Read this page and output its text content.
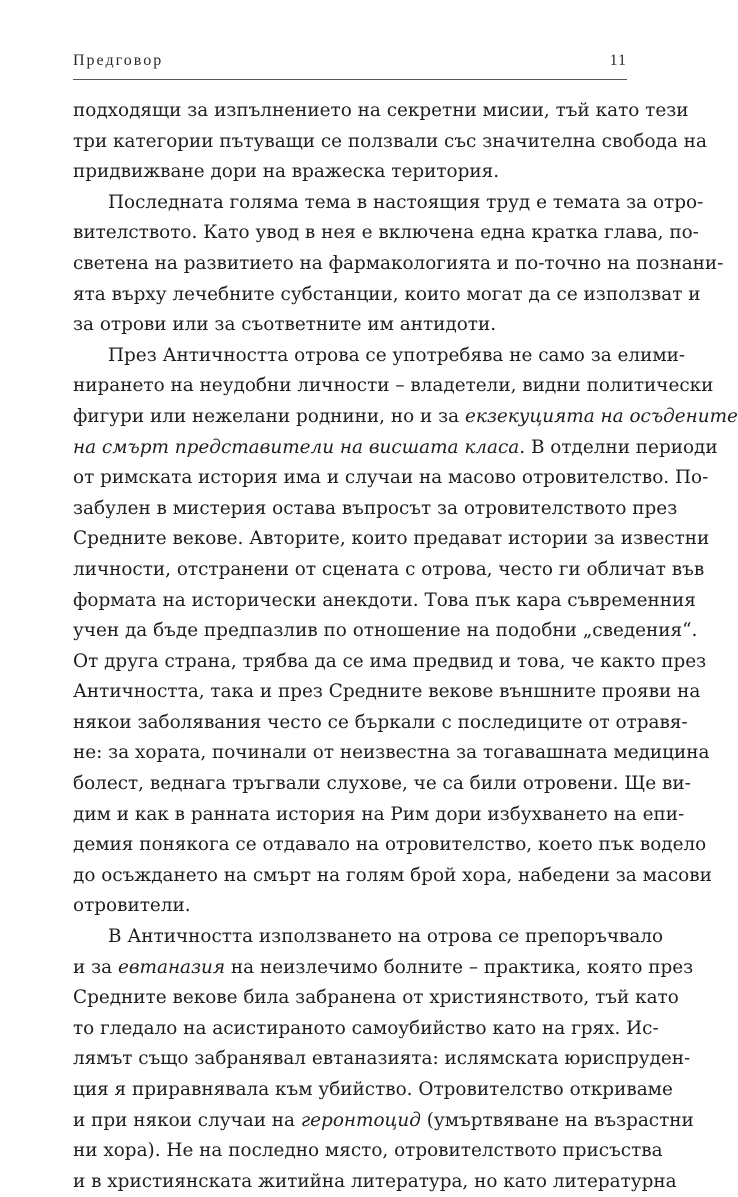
Предговор	11
подходящи за изпълнението на секретни мисии, тъй като тези
три категории пътуващи се ползвали със значителна свобода на
придвижване дори на вражеска територия.
Последната голяма тема в настоящия труд е темата за отро-
вителството. Като увод в нея е включена една кратка глава, по-
светена на развитието на фармакологията и по-точно на познани-
ята върху лечебните субстанции, които могат да се използват и
за отрови или за съответните им антидоти.
През Античността отрова се употребява не само за елими-
нирането на неудобни личности – владетели, видни политически
фигури или нежелани роднини, но и за екзекуцията на осъдените
на смърт представители на висшата класа. В отделни периоди
от римската история има и случаи на масово отровителство. По-
забулен в мистерия остава въпросът за отровителството през
Средните векове. Авторите, които предават истории за известни
личности, отстранени от сцената с отрова, често ги обличат във
формата на исторически анекдоти. Това пък кара съвременния
учен да бъде предпазлив по отношение на подобни „сведения“.
От друга страна, трябва да се има предвид и това, че както през
Античността, така и през Средните векове външните прояви на
някои заболявания често се бъркали с последиците от отравя-
не: за хората, починали от неизвестна за тогавашната медицина
болест, веднага тръгвали слухове, че са били отровени. Ще ви-
дим и как в ранната история на Рим дори избухването на епи-
демия понякога се отдавало на отровителство, което пък водело
до осъждането на смърт на голям брой хора, набедени за масови
отровители.
В Античността използването на отрова се препоръчвало
и за евтаназия на неизлечимо болните – практика, която през
Средните векове била забранена от християнството, тъй като
то гледало на асистираното самоубийство като на грях. Ис-
лямът също забранявал евтаназията: ислямската юриспруден-
ция я приравнявала към убийство. Отровителство откриваме
и при някои случаи на геронтоцид (умъртвяване на възрастни
ни хора). Не на последно място, отровителството присъства
и в християнската житийна литература, но като литературна
